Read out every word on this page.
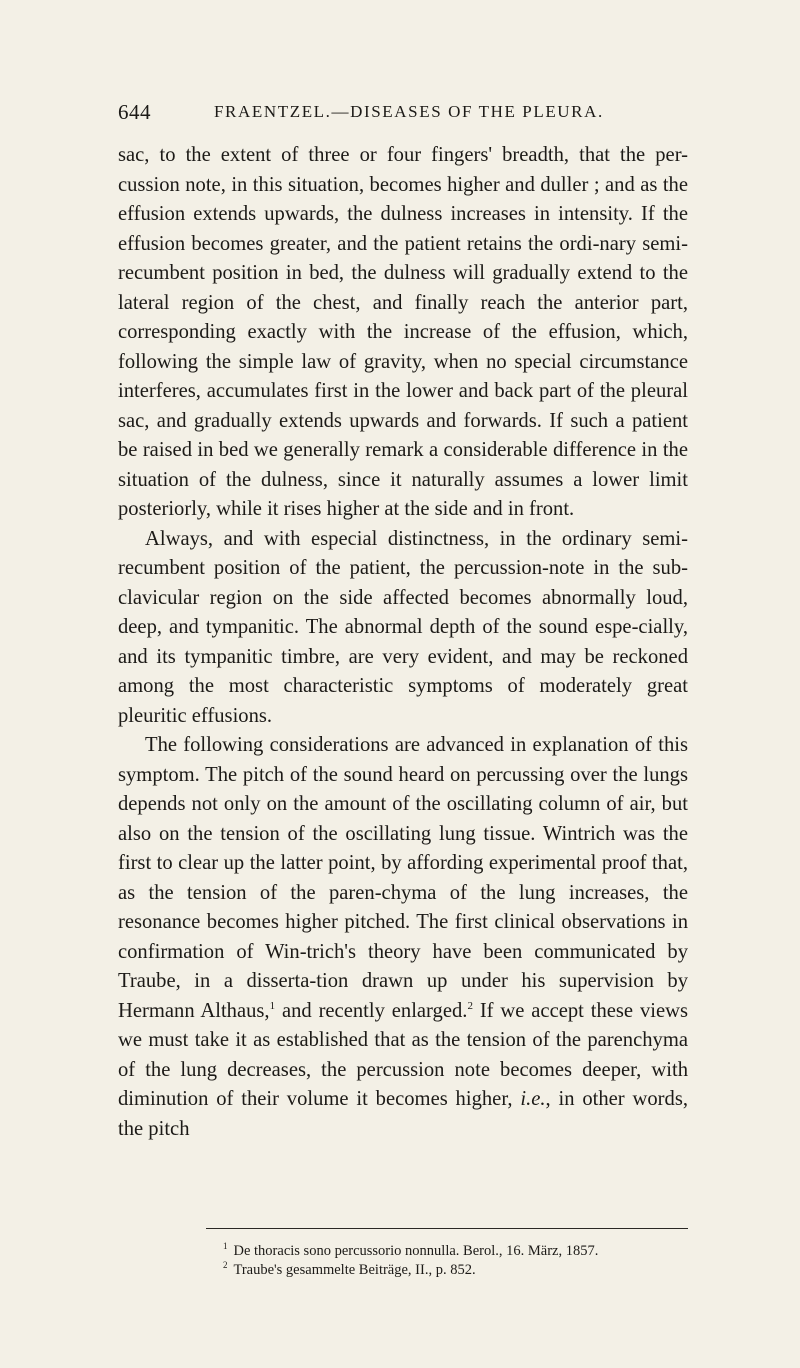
644	FRAENTZEL.—DISEASES OF THE PLEURA.

sac, to the extent of three or four fingers' breadth, that the per-cussion note, in this situation, becomes higher and duller ; and as the effusion extends upwards, the dulness increases in intensity. If the effusion becomes greater, and the patient retains the ordi-nary semi-recumbent position in bed, the dulness will gradually extend to the lateral region of the chest, and finally reach the anterior part, corresponding exactly with the increase of the effusion, which, following the simple law of gravity, when no special circumstance interferes, accumulates first in the lower and back part of the pleural sac, and gradually extends upwards and forwards. If such a patient be raised in bed we generally remark a considerable difference in the situation of the dulness, since it naturally assumes a lower limit posteriorly, while it rises higher at the side and in front.

Always, and with especial distinctness, in the ordinary semi-recumbent position of the patient, the percussion-note in the sub-clavicular region on the side affected becomes abnormally loud, deep, and tympanitic. The abnormal depth of the sound espe-cially, and its tympanitic timbre, are very evident, and may be reckoned among the most characteristic symptoms of moderately great pleuritic effusions.

The following considerations are advanced in explanation of this symptom. The pitch of the sound heard on percussing over the lungs depends not only on the amount of the oscillating column of air, but also on the tension of the oscillating lung tissue. Wintrich was the first to clear up the latter point, by affording experimental proof that, as the tension of the paren-chyma of the lung increases, the resonance becomes higher pitched. The first clinical observations in confirmation of Win-trich's theory have been communicated by Traube, in a disserta-tion drawn up under his supervision by Hermann Althaus,$^1$ and recently enlarged.$^2$ If we accept these views we must take it as established that as the tension of the parenchyma of the lung decreases, the percussion note becomes deeper, with diminution of their volume it becomes higher, i.e., in other words, the pitch

$^1$ De thoracis sono percussorio nonnulla. Berol., 16. März, 1857.
$^2$ Traube's gesammelte Beiträge, II., p. 852.
